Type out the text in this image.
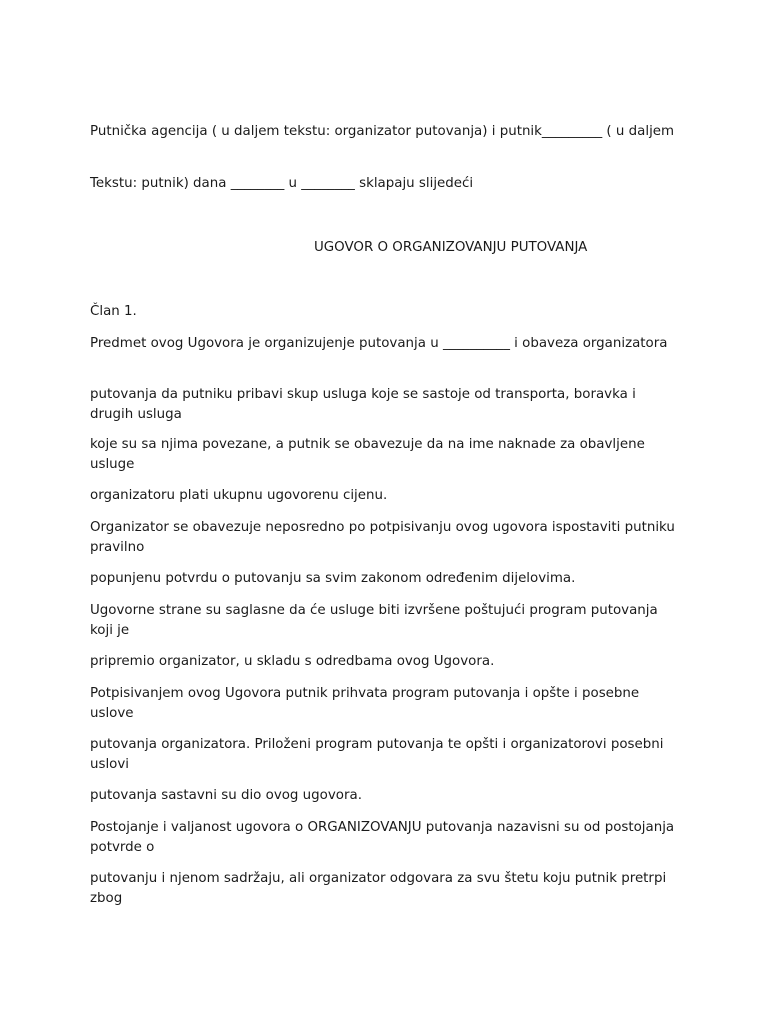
Putnička agencija ( u daljem tekstu: organizator putovanja) i putnik_________ ( u daljem

Tekstu: putnik) dana ________ u ________ sklapaju slijedeći

UGOVOR O ORGANIZOVANJU PUTOVANJA

Član 1.

Predmet ovog Ugovora je organizujenje putovanja u __________ i obaveza organizatora

putovanja da putniku pribavi skup usluga koje se sastoje od transporta, boravka i drugih usluga

koje su sa njima povezane, a putnik se obavezuje da na ime naknade za obavljene usluge

organizatoru plati ukupnu ugovorenu cijenu.

Organizator se obavezuje neposredno po potpisivanju ovog ugovora ispostaviti putniku pravilno

popunjenu potvrdu o putovanju sa svim zakonom određenim dijelovima.

Ugovorne strane su saglasne da će usluge biti izvršene poštujući program putovanja koji je

pripremio organizator, u skladu s odredbama ovog Ugovora.

Potpisivanjem ovog Ugovora putnik prihvata program putovanja i opšte i posebne uslove

putovanja organizatora. Priloženi program putovanja te opšti i organizatorovi posebni uslovi

putovanja sastavni su dio ovog ugovora.

Postojanje i valjanost ugovora o ORGANIZOVANJU putovanja nazavisni su od postojanja potvrde o

putovanju i njenom sadržaju, ali organizator odgovara za svu štetu koju putnik pretrpi zbog
